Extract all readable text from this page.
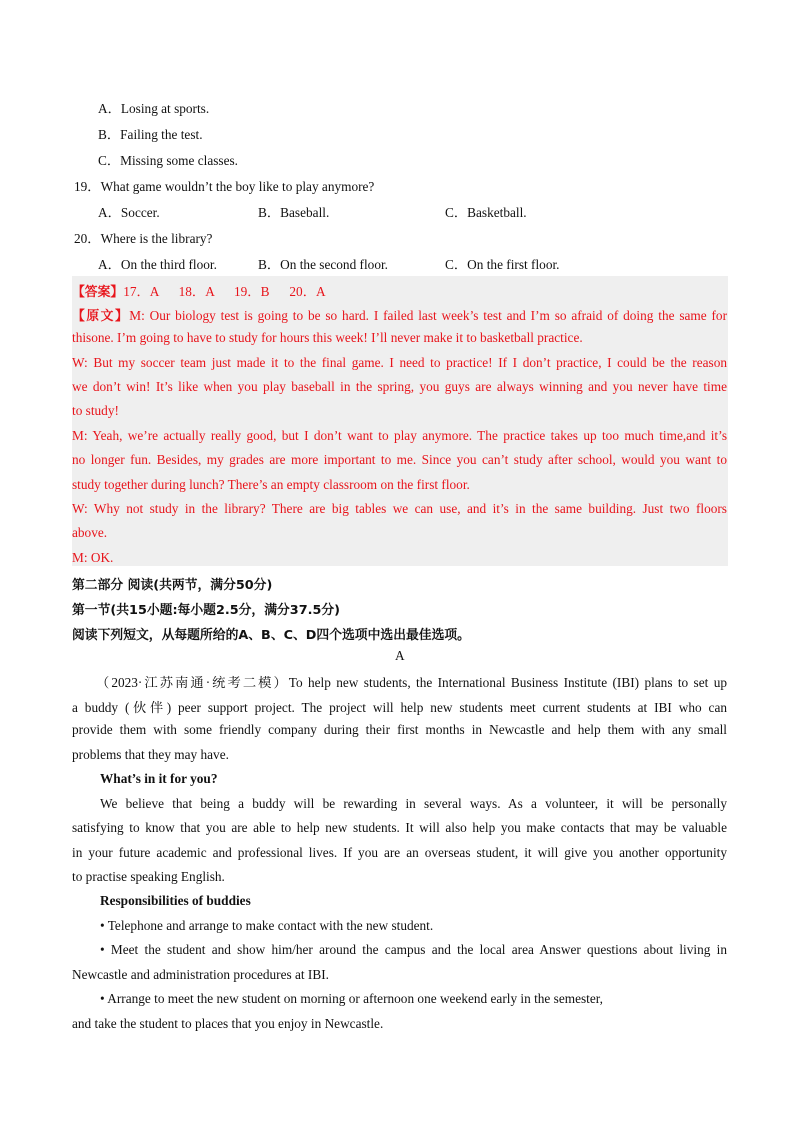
A．Losing at sports.
B．Failing the test.
C．Missing some classes.
19．What game wouldn’t the boy like to play anymore?
A．Soccer.	B．Baseball.	C．Basketball.
20．Where is the library?
A．On the third floor.	B．On the second floor.	C．On the first floor.
【答案】17．A      18．A      19．B      20．A
【原文】M: Our biology test is going to be so hard. I failed last week’s test and I’m so afraid of doing the same for
thisone. I’m going to have to study for hours this week! I’ll never make it to basketball practice.
W: But my soccer team just made it to the final game. I need to practice! If I don’t practice, I could be the reason
we don’t win! It’s like when you play baseball in the spring, you guys are always winning and you never have time
to study!
M: Yeah, we’re actually really good, but I don’t want to play anymore. The practice takes up too much time,and it’s
no longer fun. Besides, my grades are more important to me. Since you can’t study after school, would you want to
study together during lunch? There’s an empty classroom on the first floor.
W: Why not study in the library? There are big tables we can use, and it’s in the same building. Just two floors
above.
M: OK.
第二部分 阅读(共两节，满分50分)
第一节(共15小题:每小题2.5分，满分37.5分)
阅读下列短文，从每题所给的A、B、C、D四个选项中选出最佳选项。
A
（2023·江苏南通·统考二模）To help new students, the International Business Institute (IBI) plans to set up
a buddy (伙伴) peer support project. The project will help new students meet current students at IBI who can
provide them with some friendly company during their first months in Newcastle and help them with any small
problems that they may have.
What’s in it for you?
We believe that being a buddy will be rewarding in several ways. As a volunteer, it will be personally
satisfying to know that you are able to help new students. It will also help you make contacts that may be valuable
in your future academic and professional lives. If you are an overseas student, it will give you another opportunity
to practise speaking English.
Responsibilities of buddies
• Telephone and arrange to make contact with the new student.
• Meet the student and show him/her around the campus and the local area Answer questions about living in
Newcastle and administration procedures at IBI.
• Arrange to meet the new student on morning or afternoon one weekend early in the semester,
and take the student to places that you enjoy in Newcastle.
